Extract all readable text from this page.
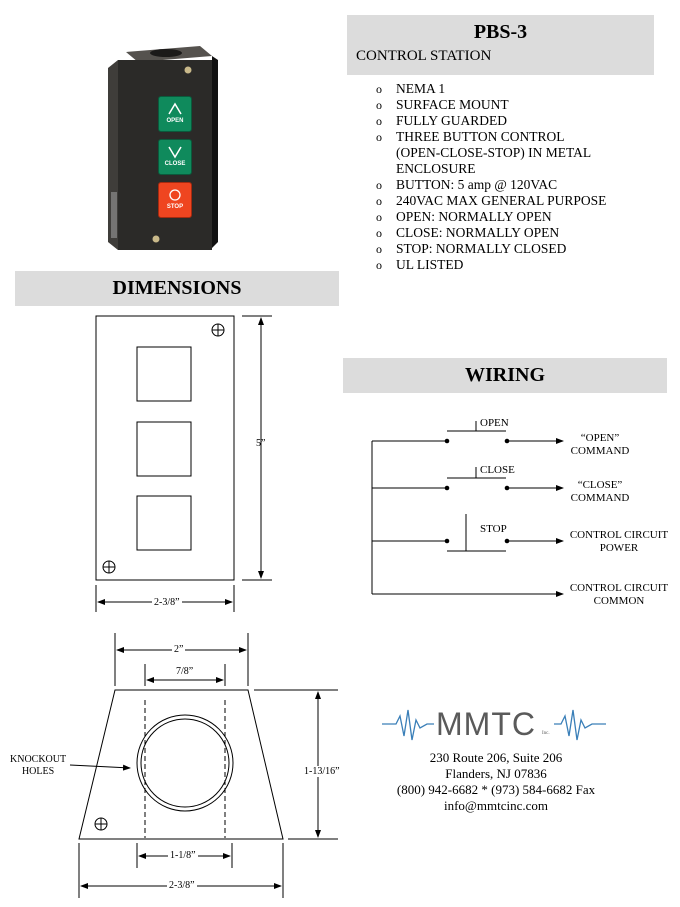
OPEN
CLOSE
STOP
PBS-3
CONTROL STATION
o NEMA 1
o SURFACE MOUNT
o FULLY GUARDED
o THREE BUTTON CONTROL
(OPEN-CLOSE-STOP) IN METAL
ENCLOSURE
o BUTTON: 5 amp @ 120VAC
o 240VAC MAX GENERAL PURPOSE
o OPEN: NORMALLY OPEN
o CLOSE: NORMALLY OPEN
o STOP: NORMALLY CLOSED
o UL LISTED
DIMENSIONS
WIRING
5”
2-3/8”
2”
7/8”
1-13/16”
1-1/8”
2-3/8”
KNOCKOUT
HOLES
OPEN
CLOSE
STOP
“OPEN”
COMMAND
“CLOSE”
COMMAND
CONTROL CIRCUIT
POWER
CONTROL CIRCUIT
COMMON
MMTC Inc.
230 Route 206, Suite 206
Flanders, NJ 07836
(800) 942-6682 * (973) 584-6682 Fax
info@mmtcinc.com
